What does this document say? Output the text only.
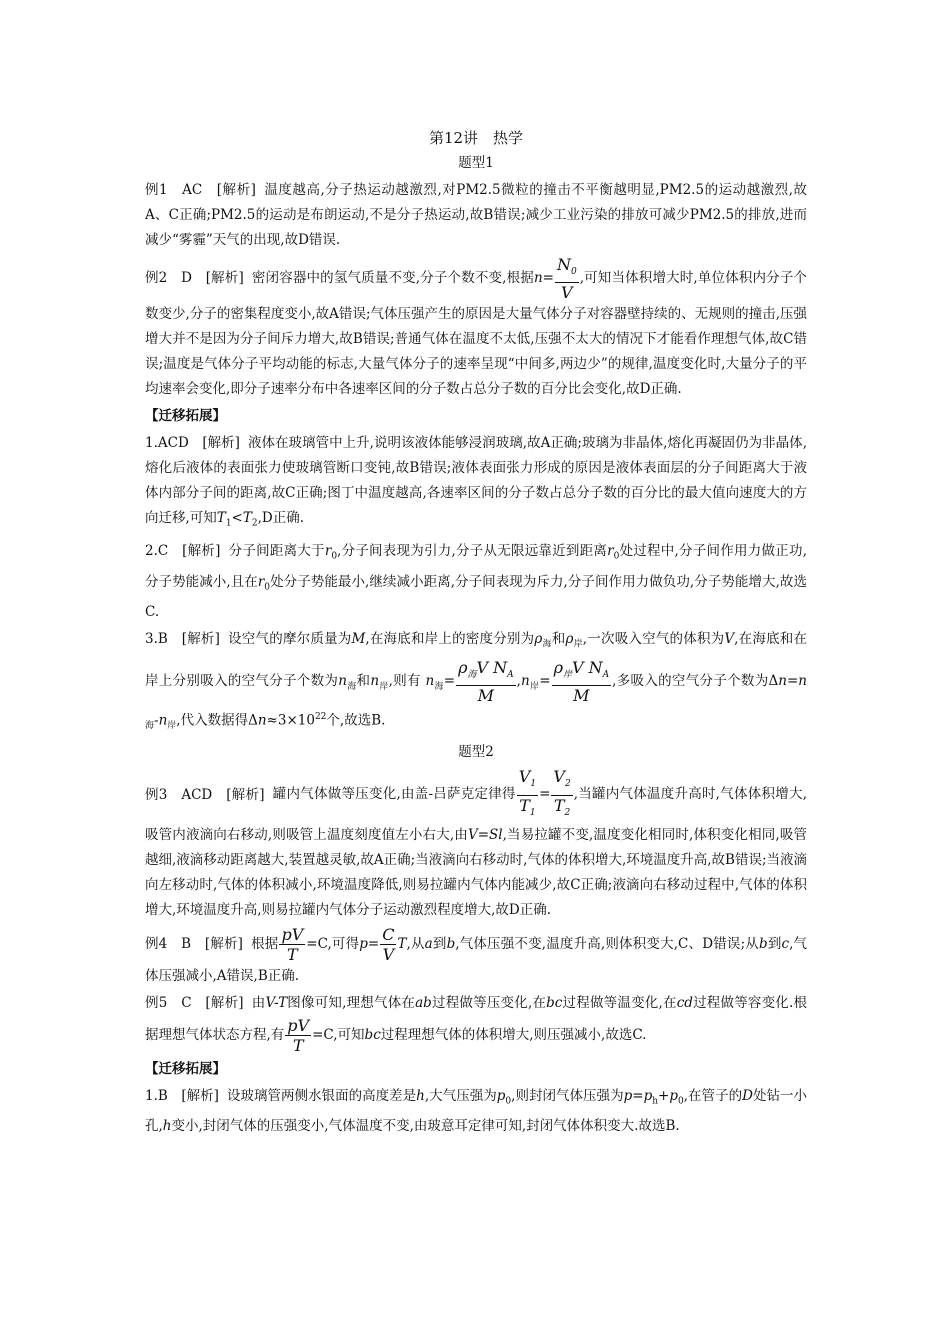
第12讲　热学
题型1

例1　AC　[解析] 温度越高,分子热运动越激烈,对PM2.5微粒的撞击不平衡越明显,PM2.5的运动越激烈,故A、C正确;PM2.5的运动是布朗运动,不是分子热运动,故B错误;减少工业污染的排放可减少PM2.5的排放,进而减少“雾霾”天气的出现,故D错误.

例2　D　[解析] 密闭容器中的氢气质量不变,分子个数不变,根据$n= \frac{N_0}{V}$ ,可知当体积增大时,单位体积内分子个数变少,分子的密集程度变小,故A错误;气体压强产生的原因是大量气体分子对容器壁持续的、无规则的撞击,压强增大并不是因为分子间斥力增大,故B错误;普通气体在温度不太低,压强不太大的情况下才能看作理想气体,故C错误;温度是气体分子平均动能的标志,大量气体分子的速率呈现“中间多,两边少”的规律,温度变化时,大量分子的平均速率会变化,即分子速率分布中各速率区间的分子数占总分子数的百分比会变化,故D正确.

【迁移拓展】

1.ACD　[解析] 液体在玻璃管中上升,说明该液体能够浸润玻璃,故A正确;玻璃为非晶体,熔化再凝固仍为非晶体,熔化后液体的表面张力使玻璃管断口变钝,故B错误;液体表面张力形成的原因是液体表面层的分子间距离大于液体内部分子间的距离,故C正确;图丁中温度越高,各速率区间的分子数占总分子数的百分比的最大值向速度大的方向迁移,可知$T_1<T_2,D$正确.

2.C　[解析] 分子间距离大于$r_0$,分子间表现为引力,分子从无限远靠近到距离$r_0$处过程中,分子间作用力做正功,分子势能减小,且在$r_0$处分子势能最小,继续减小距离,分子间表现为斥力,分子间作用力做负功,分子势能增大,故选C.

3.B　[解析] 设空气的摩尔质量为M,在海底和岸上的密度分别为$\rho_海$和$\rho_岸$,一次吸入空气的体积为V,在海底和在岸上分别吸入的空气分子个数为$n_海$和$n_岸$,则有 $n_海= \frac{\rho_海V N_A}{M} ,n_岸= \frac{\rho_岸V N_A}{M}$ ,多吸入的空气分子个数为$\Delta n=n_海-n_岸$,代入数据得$\Delta n\approx 3\times 10^{22}$个,故选B.

题型2

例3　ACD　[解析] 罐内气体做等压变化,由盖-吕萨克定律得 $\frac{V_1}{T_1} = \frac{V_2}{T_2}$ ,当罐内气体温度升高时,气体体积增大,吸管内液滴向右移动,则吸管上温度刻度值左小右大,由V=Sl,当易拉罐不变,温度变化相同时,体积变化相同,吸管越细,液滴移动距离越大,装置越灵敏,故A正确;当液滴向右移动时,气体的体积增大,环境温度升高,故B错误;当液滴向左移动时,气体的体积减小,环境温度降低,则易拉罐内气体内能减少,故C正确;液滴向右移动过程中,气体的体积增大,环境温度升高,则易拉罐内气体分子运动激烈程度增大,故D正确.

例4　B　[解析] 根据 $\frac{pV}{T} =C$,可得$p= \frac{C}{V} T$,从a到b,气体压强不变,温度升高,则体积变大,C、D错误;从b到c,气体压强减小,A错误,B正确.

例5　C　[解析] 由V-T图像可知,理想气体在ab过程做等压变化,在bc过程做等温变化,在cd过程做等容变化.根据理想气体状态方程,有 $\frac{pV}{T} =C$,可知bc过程理想气体的体积增大,则压强减小,故选C.

【迁移拓展】

1.B　[解析] 设玻璃管两侧水银面的高度差是h,大气压强为$p_0$,则封闭气体压强为$p=p_h+p_0$,在管子的D处钻一小孔,h变小,封闭气体的压强变小,气体温度不变,由玻意耳定律可知,封闭气体体积变大.故选B.
